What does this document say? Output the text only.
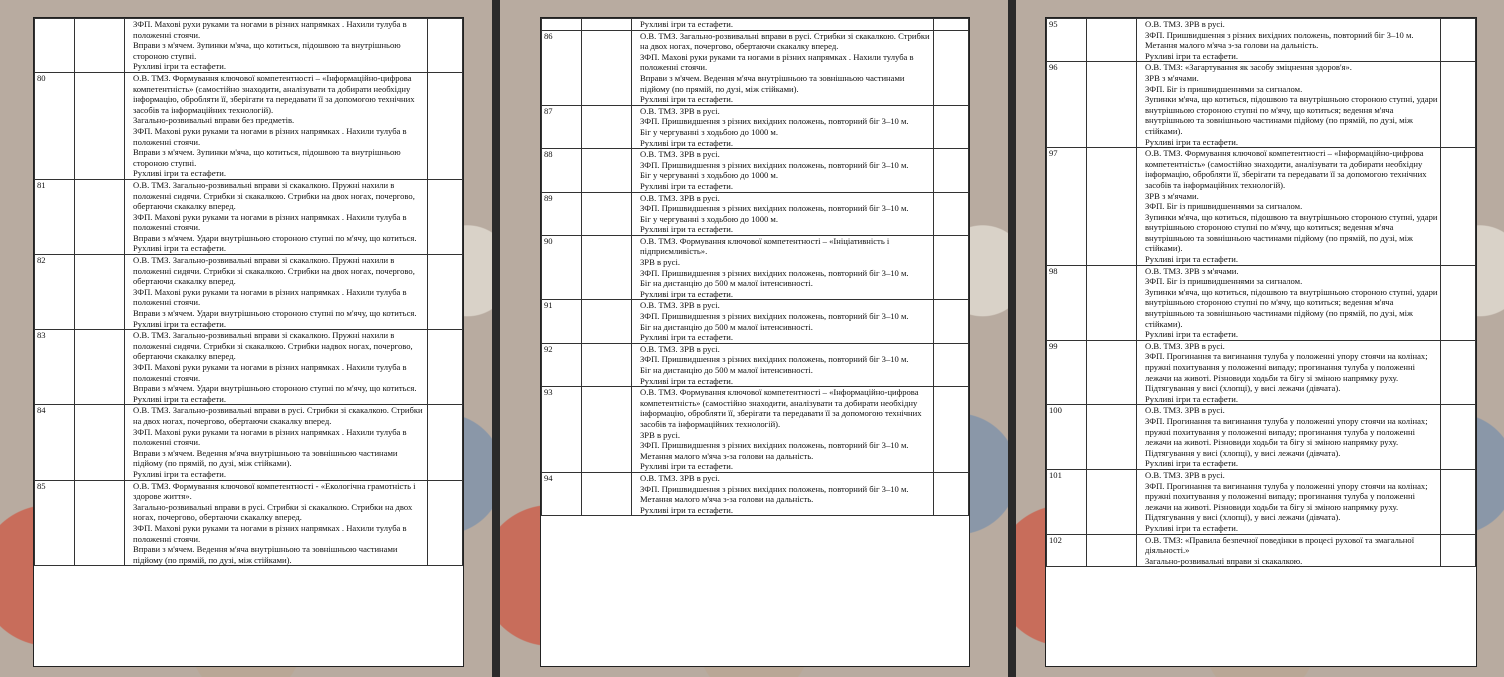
		ЗФП. Махові рухи руками та ногами в різних напрямках . Нахили тулуба в положенні стоячи.
Вправи з м'ячем. Зупинки м'яча, що котиться, підошвою та внутрішньою стороною ступні.
Рухливі ігри та естафети.	

80		О.В. ТМЗ. Формування ключової компетентності – «Інформаційно-цифрова компетентність» (самостійно знаходити, аналізувати та добирати необхідну інформацію, обробляти її, зберігати та передавати її за допомогою технічних засобів та інформаційних технологій).
Загально-розвивальні вправи без предметів.
ЗФП. Махові руки руками та ногами в різних напрямках . Нахили тулуба в положенні стоячи.
Вправи з м'ячем. Зупинки м'яча, що котиться, підошвою та внутрішньою стороною ступні.
Рухливі ігри та естафети.	

81		О.В. ТМЗ. Загально-розвивальні вправи зі скакалкою. Пружні нахили в положенні сидячи. Стрибки зі скакалкою. Стрибки на двох ногах, почергово, обертаючи скакалку вперед.
ЗФП. Махові руки руками та ногами в різних напрямках . Нахили тулуба в положенні стоячи.
Вправи з м'ячем. Удари внутрішньою стороною ступні по м'ячу, що котиться.
Рухливі ігри та естафети.	

82		О.В. ТМЗ. Загально-розвивальні вправи зі скакалкою. Пружні нахили в положенні сидячи. Стрибки зі скакалкою. Стрибки на двох ногах, почергово, обертаючи скакалку вперед.
ЗФП. Махові руки руками та ногами в різних напрямках . Нахили тулуба в положенні стоячи.
Вправи з м'ячем. Удари внутрішньою стороною ступні по м'ячу, що котиться.
Рухливі ігри та естафети.	

83		О.В. ТМЗ. Загально-розвивальні вправи зі скакалкою. Пружні нахили в положенні сидячи. Стрибки зі скакалкою. Стрибки надвох ногах, почергово, обертаючи скакалку вперед.
ЗФП. Махові руки руками та ногами в різних напрямках . Нахили тулуба в положенні стоячи.
Вправи з м'ячем. Удари внутрішньою стороною ступні по м'ячу, що котиться.
Рухливі ігри та естафети.	

84		О.В. ТМЗ. Загально-розвивальні вправи в русі. Стрибки зі скакалкою. Стрибки на двох ногах, почергово, обертаючи скакалку вперед.
ЗФП. Махові руки руками та ногами в різних напрямках . Нахили тулуба в положенні стоячи.
Вправи з м'ячем. Ведення м'яча внутрішньою та зовнішньою частинами підйому (по прямій, по дузі, між стійками).
Рухливі ігри та естафети.	

85		О.В. ТМЗ. Формування ключової компетентності - «Екологічна грамотність і здорове життя».
Загально-розвивальні вправи в русі. Стрибки зі скакалкою. Стрибки на двох ногах, почергово, обертаючи скакалку вперед.
ЗФП. Махові руки руками та ногами в різних напрямках . Нахили тулуба в положенні стоячи.
Вправи з м'ячем. Ведення м'яча внутрішньою та зовнішньою частинами підйому (по прямій, по дузі, між стійками).	

		Рухливі ігри та естафети.	

86		О.В. ТМЗ. Загально-розвивальні вправи в русі. Стрибки зі скакалкою. Стрибки на двох ногах, почергово, обертаючи скакалку вперед.
ЗФП. Махові руки руками та ногами в різних напрямках . Нахили тулуба в положенні стоячи.
Вправи з м'ячем. Ведення м'яча внутрішньою та зовнішньою частинами підйому (по прямій, по дузі, між стійками).
Рухливі ігри та естафети.	

87		О.В. ТМЗ. ЗРВ в русі.
ЗФП. Пришвидшення з різних вихідних положень, повторний біг 3–10 м.
Біг у чергуванні з ходьбою до 1000 м.
Рухливі ігри та естафети.	

88		О.В. ТМЗ. ЗРВ в русі.
ЗФП. Пришвидшення з різних вихідних положень, повторний біг 3–10 м.
Біг у чергуванні з ходьбою до 1000 м.
Рухливі ігри та естафети.	

89		О.В. ТМЗ. ЗРВ в русі.
ЗФП. Пришвидшення з різних вихідних положень, повторний біг 3–10 м.
Біг у чергуванні з ходьбою до 1000 м.
Рухливі ігри та естафети.	

90		О.В. ТМЗ. Формування ключової компетентності – «Ініціативність і підприємливість».
ЗРВ в русі.
ЗФП. Пришвидшення з різних вихідних положень, повторний біг 3–10 м.
Біг на дистанцію до 500 м малої інтенсивності.
Рухливі ігри та естафети.	

91		О.В. ТМЗ. ЗРВ в русі.
ЗФП. Пришвидшення з різних вихідних положень, повторний біг 3–10 м.
Біг на дистанцію до 500 м малої інтенсивності.
Рухливі ігри та естафети.	

92		О.В. ТМЗ. ЗРВ в русі.
ЗФП. Пришвидшення з різних вихідних положень, повторний біг 3–10 м.
Біг на дистанцію до 500 м малої інтенсивності.
Рухливі ігри та естафети.	

93		О.В. ТМЗ. Формування ключової компетентності – «Інформаційно-цифрова компетентність» (самостійно знаходити, аналізувати та добирати необхідну інформацію, обробляти її, зберігати та передавати її за допомогою технічних засобів та інформаційних технологій).
ЗРВ в русі.
ЗФП. Пришвидшення з різних вихідних положень, повторний біг 3–10 м.
Метання малого м'яча з-за голови на дальність.
Рухливі ігри та естафети.	

94		О.В. ТМЗ. ЗРВ в русі.
ЗФП. Пришвидшення з різних вихідних положень, повторний біг 3–10 м.
Метання малого м'яча з-за голови на дальність.
Рухливі ігри та естафети.	

95		О.В. ТМЗ. ЗРВ в русі.
ЗФП. Пришвидшення з різних вихідних положень, повторний біг 3–10 м.
Метання малого м'яча з-за голови на дальність.
Рухливі ігри та естафети.	

96		О.В. ТМЗ: «Загартування як засобу зміцнення здоров'я».
ЗРВ з м'ячами.
ЗФП. Біг із пришвидшеннями за сигналом.
Зупинки м'яча, що котиться, підошвою та внутрішньою стороною ступні, удари внутрішньою стороною ступні по м'ячу, що котиться; ведення м'яча внутрішньою та зовнішньою частинами підйому (по прямій, по дузі, між стійками).
Рухливі ігри та естафети.	

97		О.В. ТМЗ. Формування ключової компетентності – «Інформаційно-цифрова компетентність» (самостійно знаходити, аналізувати та добирати необхідну інформацію, обробляти її, зберігати та передавати її за допомогою технічних засобів та інформаційних технологій).
ЗРВ з м'ячами.
ЗФП. Біг із пришвидшеннями за сигналом.
Зупинки м'яча, що котиться, підошвою та внутрішньою стороною ступні, удари внутрішньою стороною ступні по м'ячу, що котиться; ведення м'яча внутрішньою та зовнішньою частинами підйому (по прямій, по дузі, між стійками).
Рухливі ігри та естафети.	

98		О.В. ТМЗ. ЗРВ з м'ячами.
ЗФП. Біг із пришвидшеннями за сигналом.
Зупинки м'яча, що котиться, підошвою та внутрішньою стороною ступні, удари внутрішньою стороною ступні по м'ячу, що котиться; ведення м'яча внутрішньою та зовнішньою частинами підйому (по прямій, по дузі, між стійками).
Рухливі ігри та естафети.	

99		О.В. ТМЗ. ЗРВ в русі.
ЗФП. Прогинання та вигинання тулуба у положенні упору стоячи на колінах; пружні похитування у положенні випаду; прогинання тулуба у положенні лежачи на животі. Різновиди ходьби та бігу зі зміною напрямку руху.
Підтягування у висі (хлопці), у висі лежачи (дівчата).
Рухливі ігри та естафети.	

100		О.В. ТМЗ. ЗРВ в русі.
ЗФП. Прогинання та вигинання тулуба у положенні упору стоячи на колінах; пружні похитування у положенні випаду; прогинання тулуба у положенні лежачи на животі. Різновиди ходьби та бігу зі зміною напрямку руху.
Підтягування у висі (хлопці), у висі лежачи (дівчата).
Рухливі ігри та естафети.	

101		О.В. ТМЗ. ЗРВ в русі.
ЗФП. Прогинання та вигинання тулуба у положенні упору стоячи на колінах; пружні похитування у положенні випаду; прогинання тулуба у положенні лежачи на животі. Різновиди ходьби та бігу зі зміною напрямку руху.
Підтягування у висі (хлопці), у висі лежачи (дівчата).
Рухливі ігри та естафети.	

102		О.В. ТМЗ: «Правила безпечної поведінки в процесі рухової та змагальної діяльності.»
Загально-розвивальні вправи зі скакалкою.	
